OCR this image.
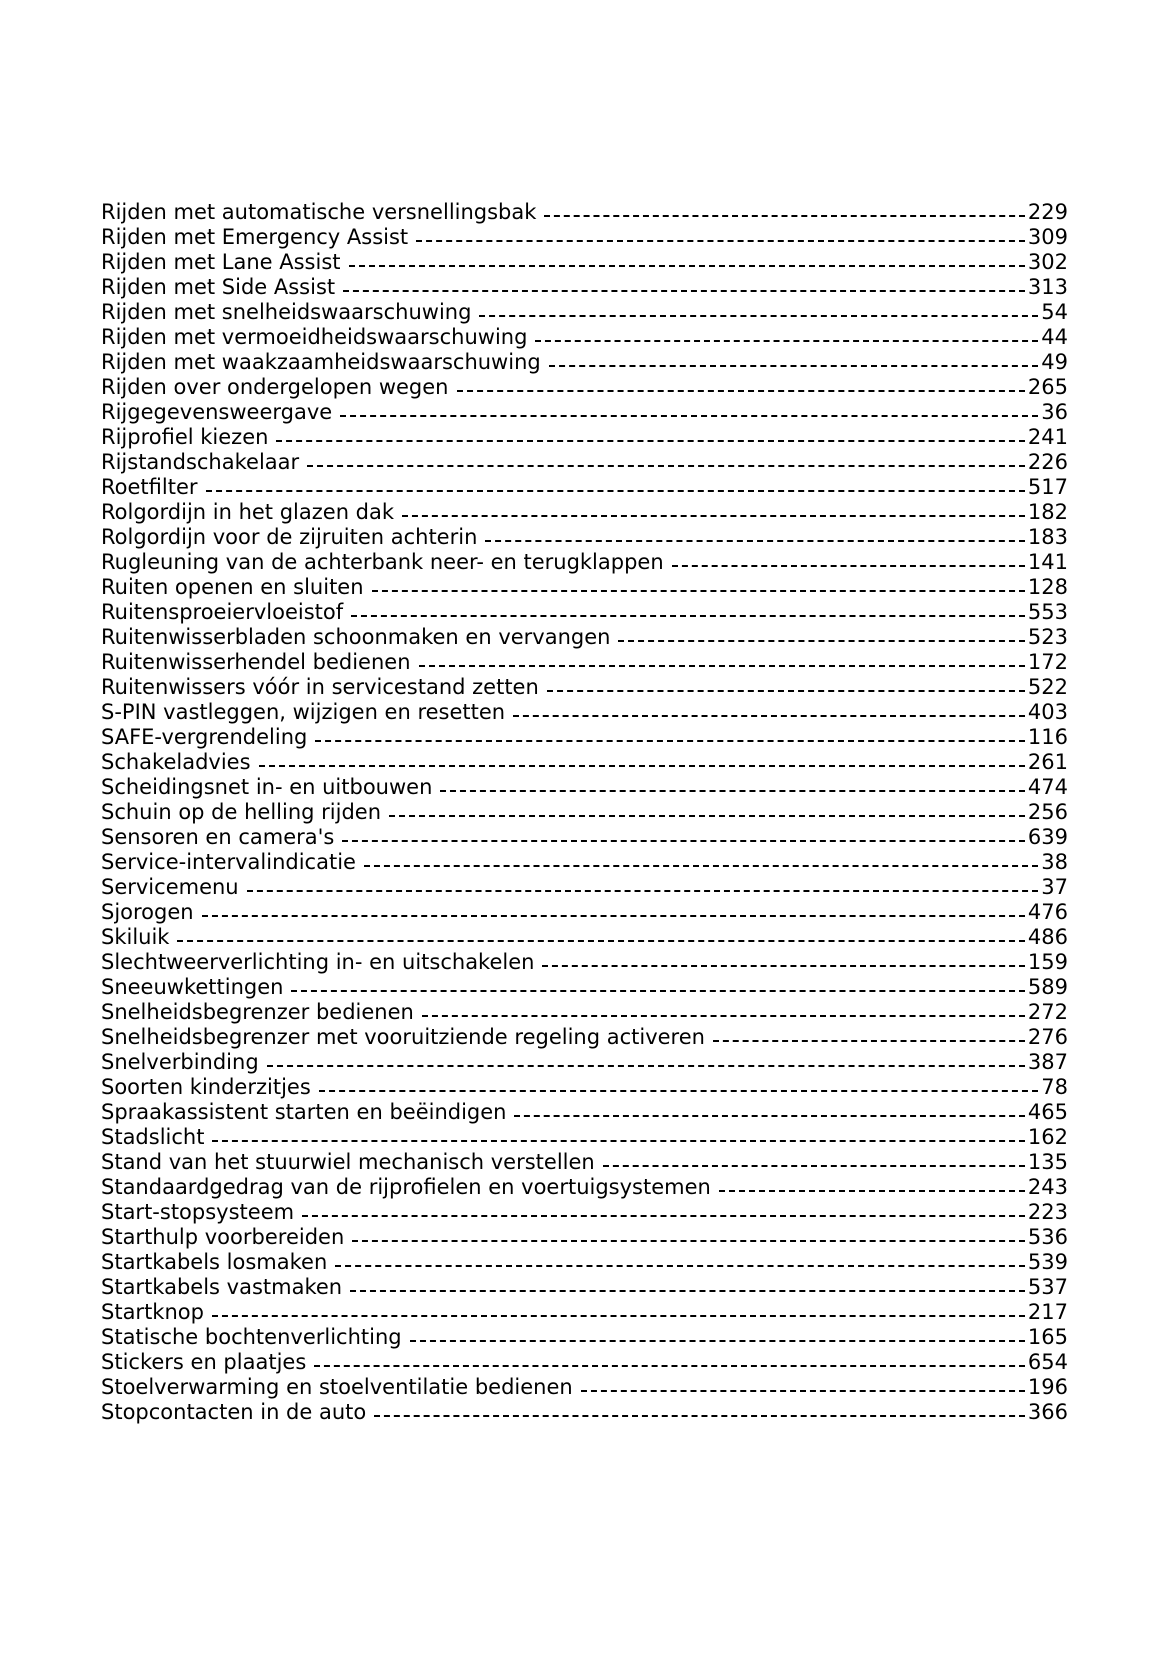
Rijden met automatische versnellingsbak	229
Rijden met Emergency Assist	309
Rijden met Lane Assist	302
Rijden met Side Assist	313
Rijden met snelheidswaarschuwing	54
Rijden met vermoeidheidswaarschuwing	44
Rijden met waakzaamheidswaarschuwing	49
Rijden over ondergelopen wegen	265
Rijgegevensweergave	36
Rijprofiel kiezen	241
Rijstandschakelaar	226
Roetfilter	517
Rolgordijn in het glazen dak	182
Rolgordijn voor de zijruiten achterin	183
Rugleuning van de achterbank neer- en terugklappen	141
Ruiten openen en sluiten	128
Ruitensproeiervloeistof	553
Ruitenwisserbladen schoonmaken en vervangen	523
Ruitenwisserhendel bedienen	172
Ruitenwissers vóór in servicestand zetten	522
S-PIN vastleggen, wijzigen en resetten	403
SAFE-vergrendeling	116
Schakeladvies	261
Scheidingsnet in- en uitbouwen	474
Schuin op de helling rijden	256
Sensoren en camera's	639
Service-intervalindicatie	38
Servicemenu	37
Sjorogen	476
Skiluik	486
Slechtweerverlichting in- en uitschakelen	159
Sneeuwkettingen	589
Snelheidsbegrenzer bedienen	272
Snelheidsbegrenzer met vooruitziende regeling activeren	276
Snelverbinding	387
Soorten kinderzitjes	78
Spraakassistent starten en beëindigen	465
Stadslicht	162
Stand van het stuurwiel mechanisch verstellen	135
Standaardgedrag van de rijprofielen en voertuigsystemen	243
Start-stopsysteem	223
Starthulp voorbereiden	536
Startkabels losmaken	539
Startkabels vastmaken	537
Startknop	217
Statische bochtenverlichting	165
Stickers en plaatjes	654
Stoelverwarming en stoelventilatie bedienen	196
Stopcontacten in de auto	366
